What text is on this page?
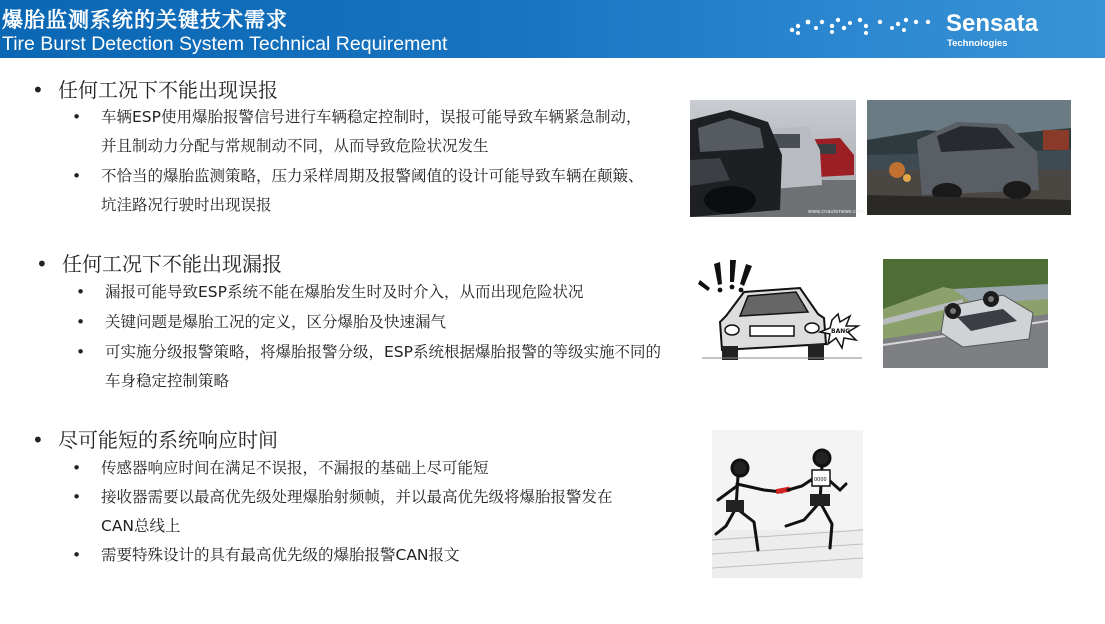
爆胎监测系统的关键技术需求
Tire Burst Detection System Technical Requirement
Sensata
Technologies
• 任何工况下不能出现误报
• 车辆ESP使用爆胎报警信号进行车辆稳定控制时，误报可能导致车辆紧急制动，并且制动力分配与常规制动不同，从而导致危险状况发生
• 不恰当的爆胎监测策略，压力采样周期及报警阈值的设计可能导致车辆在颠簸、坑洼路况行驶时出现误报
• 任何工况下不能出现漏报
• 漏报可能导致ESP系统不能在爆胎发生时及时介入，从而出现危险状况
• 关键问题是爆胎工况的定义，区分爆胎及快速漏气
• 可实施分级报警策略，将爆胎报警分级，ESP系统根据爆胎报警的等级实施不同的车身稳定控制策略
• 尽可能短的系统响应时间
• 传感器响应时间在满足不误报，不漏报的基础上尽可能短
• 接收器需要以最高优先级处理爆胎射频帧，并以最高优先级将爆胎报警发在CAN总线上
• 需要特殊设计的具有最高优先级的爆胎报警CAN报文
www.cnautonews.com
BANG
0000
